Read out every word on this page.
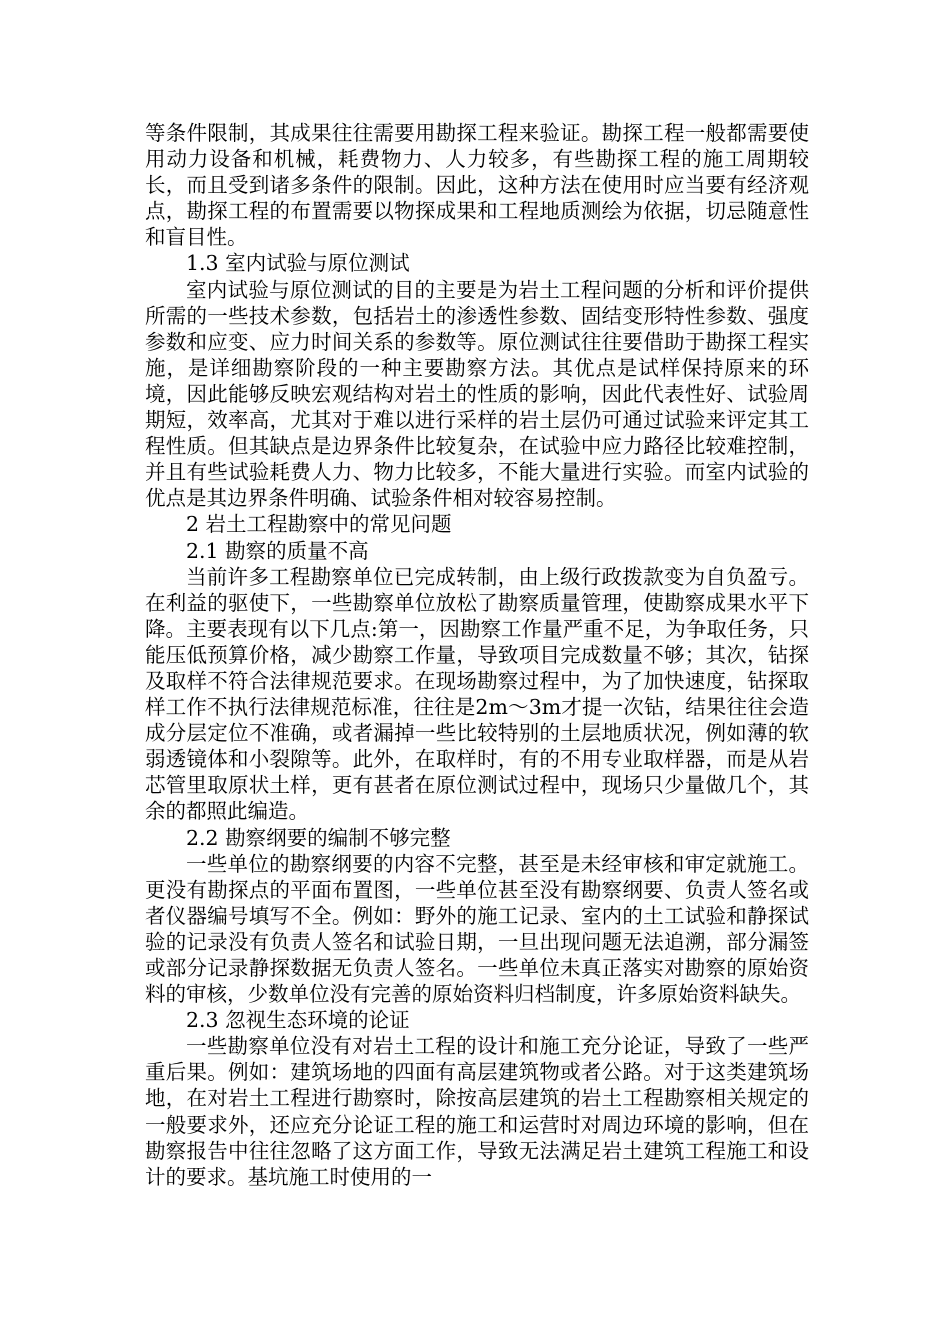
等条件限制，其成果往往需要用勘探工程来验证。勘探工程一般都需要使用动力设备和机械，耗费物力、人力较多，有些勘探工程的施工周期较长，而且受到诸多条件的限制。因此，这种方法在使用时应当要有经济观点，勘探工程的布置需要以物探成果和工程地质测绘为依据，切忌随意性和盲目性。

1.3 室内试验与原位测试

室内试验与原位测试的目的主要是为岩土工程问题的分析和评价提供所需的一些技术参数，包括岩土的渗透性参数、固结变形特性参数、强度参数和应变、应力时间关系的参数等。原位测试往往要借助于勘探工程实施，是详细勘察阶段的一种主要勘察方法。其优点是试样保持原来的环境，因此能够反映宏观结构对岩土的性质的影响，因此代表性好、试验周期短，效率高，尤其对于难以进行采样的岩土层仍可通过试验来评定其工程性质。但其缺点是边界条件比较复杂，在试验中应力路径比较难控制，并且有些试验耗费人力、物力比较多，不能大量进行实验。而室内试验的优点是其边界条件明确、试验条件相对较容易控制。

2 岩土工程勘察中的常见问题

2.1 勘察的质量不高

当前许多工程勘察单位已完成转制，由上级行政拨款变为自负盈亏。在利益的驱使下，一些勘察单位放松了勘察质量管理，使勘察成果水平下降。主要表现有以下几点:第一，因勘察工作量严重不足，为争取任务，只能压低预算价格，减少勘察工作量，导致项目完成数量不够；其次，钻探及取样不符合法律规范要求。在现场勘察过程中，为了加快速度，钻探取样工作不执行法律规范标准，往往是2m～3m才提一次钻，结果往往会造成分层定位不准确，或者漏掉一些比较特别的土层地质状况，例如薄的软弱透镜体和小裂隙等。此外，在取样时，有的不用专业取样器，而是从岩芯管里取原状土样，更有甚者在原位测试过程中，现场只少量做几个，其余的都照此编造。

2.2 勘察纲要的编制不够完整

一些单位的勘察纲要的内容不完整，甚至是未经审核和审定就施工。更没有勘探点的平面布置图，一些单位甚至没有勘察纲要、负责人签名或者仪器编号填写不全。例如：野外的施工记录、室内的土工试验和静探试验的记录没有负责人签名和试验日期，一旦出现问题无法追溯，部分漏签或部分记录静探数据无负责人签名。一些单位未真正落实对勘察的原始资料的审核，少数单位没有完善的原始资料归档制度，许多原始资料缺失。

2.3 忽视生态环境的论证

一些勘察单位没有对岩土工程的设计和施工充分论证，导致了一些严重后果。例如：建筑场地的四面有高层建筑物或者公路。对于这类建筑场地，在对岩土工程进行勘察时，除按高层建筑的岩土工程勘察相关规定的一般要求外，还应充分论证工程的施工和运营时对周边环境的影响，但在勘察报告中往往忽略了这方面工作，导致无法满足岩土建筑工程施工和设计的要求。基坑施工时使用的一
